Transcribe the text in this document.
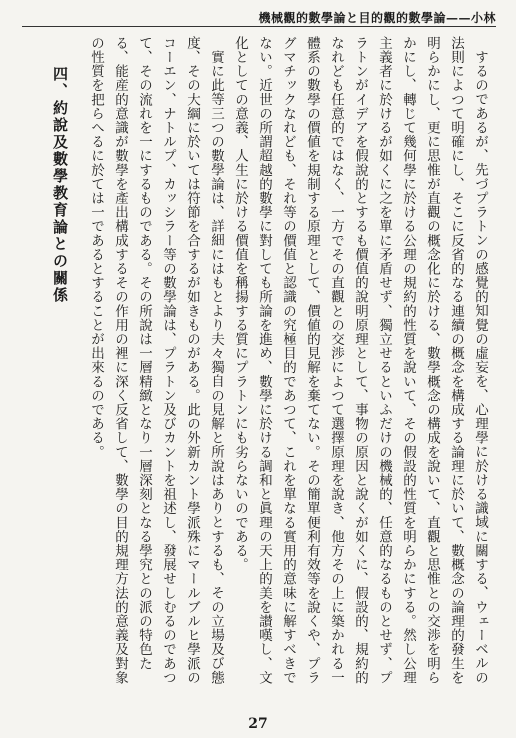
機械觀的數學論と目的觀的數學論——小林

するのであるが、先づプラトンの感覺的知覺の虛妄を、心理學に於ける識域に關する、ウェーベルの法則によつて明確にし、そこに反省的なる連續の概念を構成する論理に於いて、數概念の論理的發生を明らかにし、更に思惟が直觀の概念化に於ける、數學概念の構成を說いて、直觀と思惟との交渉を明らかにし、轉じて幾何學に於ける公理の規約的性質を說いて、その假設的性質を明らかにする。然し公理主義者に於けるが如くに之を單に矛盾せず、獨立せるといふだけの機械的、任意的なるものとせず、プラトンがイデアを假說的とするも價值的說明原理として、事物の原因と說くが如くに、假設的、規約的なれども任意的ではなく、一方でその直觀との交渉によつて選擇原理を說き、他方その上に築かれる一體系の數學の價値を規制する原理として、價値的見解を棄てない。その簡單便利有效等を說くや、プラグマチックなれども、それ等の價值と認識の究極目的であつて、これを單なる實用的意味に解すべきでない。近世の所謂超越的數學に對しても所論を進め、數學に於ける調和と眞理の天上的美を讃嘆し、文化としての意義、人生に於ける價值を稱揚する質にプラトンにも劣らないのである。

實に此等三つの數學論は、詳細にはもとより夫々獨自の見解と所說はありとするも、その立場及び態度、その大綱に於いては符節を合するが如きものがある。此の外新カント學派殊にマールブルヒ學派のコーエン、ナトルプ、カッシラー等の數學論は、プラトン及びカントを祖述し、發展せしむるのであつて、その流れを一にするものである。その所說は一層精緻となり一層深刻となる學究との派の特色たる、能産的意識が數學を產出構成するその作用の裡に深く反省して、數學の目的規理方法的意義及對象の性質を把らへるに於ては一であるとすることが出來るのである。

四、約說及數學教育論との關係
27
